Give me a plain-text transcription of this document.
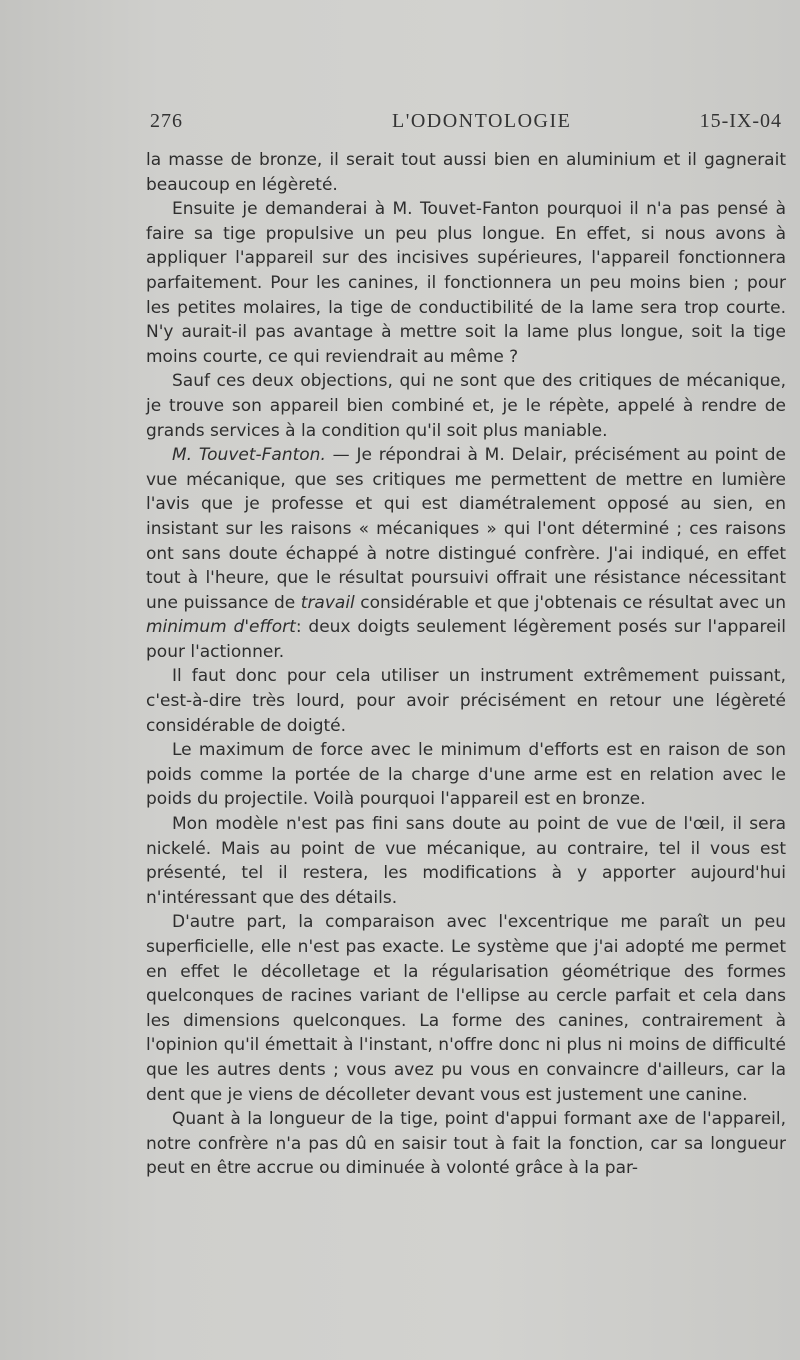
276	L'ODONTOLOGIE	15-IX-04

la masse de bronze, il serait tout aussi bien en aluminium et il gagnerait beaucoup en légèreté.

Ensuite je demanderai à M. Touvet-Fanton pourquoi il n'a pas pensé à faire sa tige propulsive un peu plus longue. En effet, si nous avons à appliquer l'appareil sur des incisives supérieures, l'appareil fonctionnera parfaitement. Pour les canines, il fonctionnera un peu moins bien ; pour les petites molaires, la tige de conductibilité de la lame sera trop courte. N'y aurait-il pas avantage à mettre soit la lame plus longue, soit la tige moins courte, ce qui reviendrait au même ?

Sauf ces deux objections, qui ne sont que des critiques de mécanique, je trouve son appareil bien combiné et, je le répète, appelé à rendre de grands services à la condition qu'il soit plus maniable.

M. Touvet-Fanton. — Je répondrai à M. Delair, précisément au point de vue mécanique, que ses critiques me permettent de mettre en lumière l'avis que je professe et qui est diamétralement opposé au sien, en insistant sur les raisons « mécaniques » qui l'ont déterminé ; ces raisons ont sans doute échappé à notre distingué confrère. J'ai indiqué, en effet tout à l'heure, que le résultat poursuivi offrait une résistance nécessitant une puissance de travail considérable et que j'obtenais ce résultat avec un minimum d'effort: deux doigts seulement légèrement posés sur l'appareil pour l'actionner.

Il faut donc pour cela utiliser un instrument extrêmement puissant, c'est-à-dire très lourd, pour avoir précisément en retour une légèreté considérable de doigté.

Le maximum de force avec le minimum d'efforts est en raison de son poids comme la portée de la charge d'une arme est en relation avec le poids du projectile. Voilà pourquoi l'appareil est en bronze.

Mon modèle n'est pas fini sans doute au point de vue de l'œil, il sera nickelé. Mais au point de vue mécanique, au contraire, tel il vous est présenté, tel il restera, les modifications à y apporter aujourd'hui n'intéressant que des détails.

D'autre part, la comparaison avec l'excentrique me paraît un peu superficielle, elle n'est pas exacte. Le système que j'ai adopté me permet en effet le décolletage et la régularisation géométrique des formes quelconques de racines variant de l'ellipse au cercle parfait et cela dans les dimensions quelconques. La forme des canines, contrairement à l'opinion qu'il émettait à l'instant, n'offre donc ni plus ni moins de difficulté que les autres dents ; vous avez pu vous en convaincre d'ailleurs, car la dent que je viens de décolleter devant vous est justement une canine.

Quant à la longueur de la tige, point d'appui formant axe de l'appareil, notre confrère n'a pas dû en saisir tout à fait la fonction, car sa longueur peut en être accrue ou diminuée à volonté grâce à la par-
